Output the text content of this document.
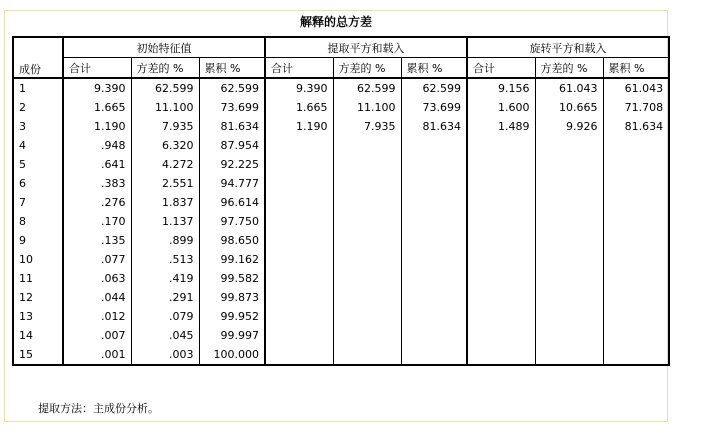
解释的总方差
成份	初始特征值			提取平方和载入			旋转平方和载入		
	合计	方差的 %	累积 %	合计	方差的 %	累积 %	合计	方差的 %	累积 %
1	9.390	62.599	62.599	9.390	62.599	62.599	9.156	61.043	61.043
2	1.665	11.100	73.699	1.665	11.100	73.699	1.600	10.665	71.708
3	1.190	7.935	81.634	1.190	7.935	81.634	1.489	9.926	81.634
4	.948	6.320	87.954						
5	.641	4.272	92.225						
6	.383	2.551	94.777						
7	.276	1.837	96.614						
8	.170	1.137	97.750						
9	.135	.899	98.650						
10	.077	.513	99.162						
11	.063	.419	99.582						
12	.044	.291	99.873						
13	.012	.079	99.952						
14	.007	.045	99.997						
15	.001	.003	100.000						
提取方法：主成份分析。
